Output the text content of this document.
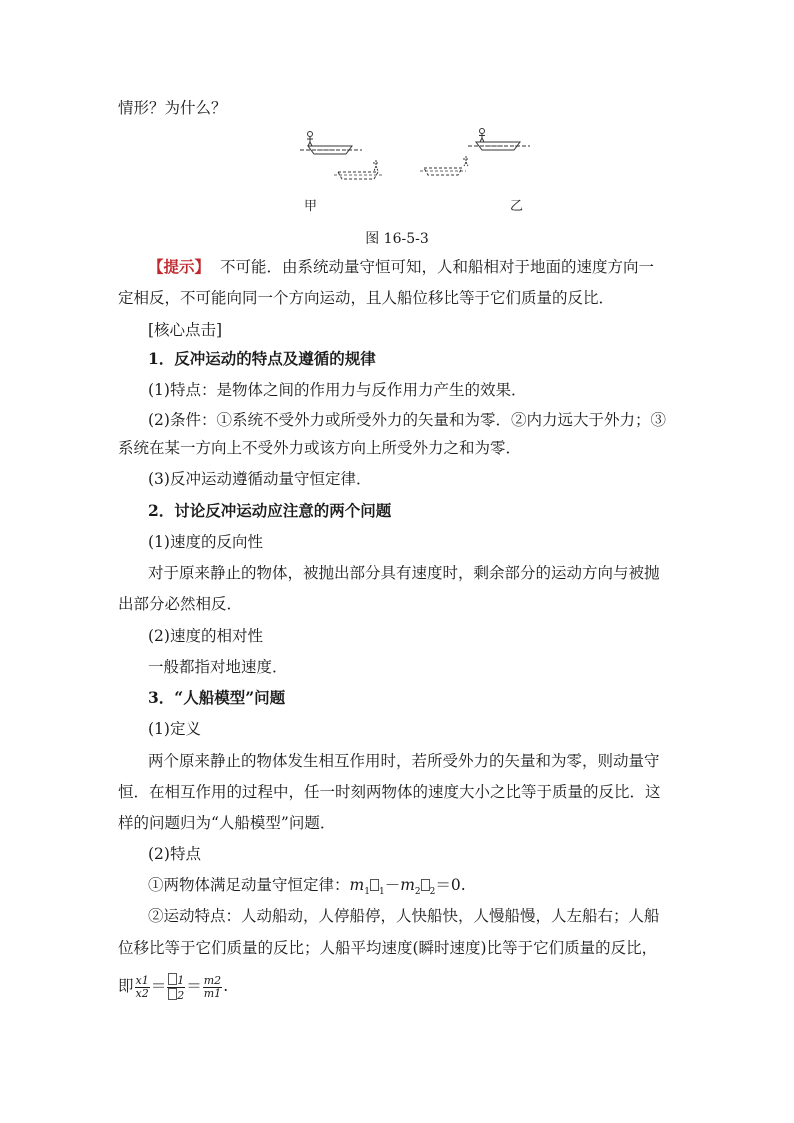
情形？为什么？
甲	乙
图 16-5-3
【提示】 不可能．由系统动量守恒可知，人和船相对于地面的速度方向一
定相反，不可能向同一个方向运动，且人船位移比等于它们质量的反比．
[核心点击]
1．反冲运动的特点及遵循的规律
(1)特点：是物体之间的作用力与反作用力产生的效果．
(2)条件：①系统不受外力或所受外力的矢量和为零．②内力远大于外力；③
系统在某一方向上不受外力或该方向上所受外力之和为零．
(3)反冲运动遵循动量守恒定律．
2．讨论反冲运动应注意的两个问题
(1)速度的反向性
对于原来静止的物体，被抛出部分具有速度时，剩余部分的运动方向与被抛
出部分必然相反．
(2)速度的相对性
一般都指对地速度．
3．“人船模型”问题
(1)定义
两个原来静止的物体发生相互作用时，若所受外力的矢量和为零，则动量守
恒．在相互作用的过程中，任一时刻两物体的速度大小之比等于质量的反比．这
样的问题归为“人船模型”问题．
(2)特点
①两物体满足动量守恒定律：$m_1$ $_1-m_2$ $_2$＝0.
②运动特点：人动船动，人停船停，人快船快，人慢船慢，人左船右；人船
位移比等于它们质量的反比；人船平均速度(瞬时速度)比等于它们质量的反比，
即 $\frac{x1}{x2} = \frac{1}{2} = \frac{m2}{m1}$ .
